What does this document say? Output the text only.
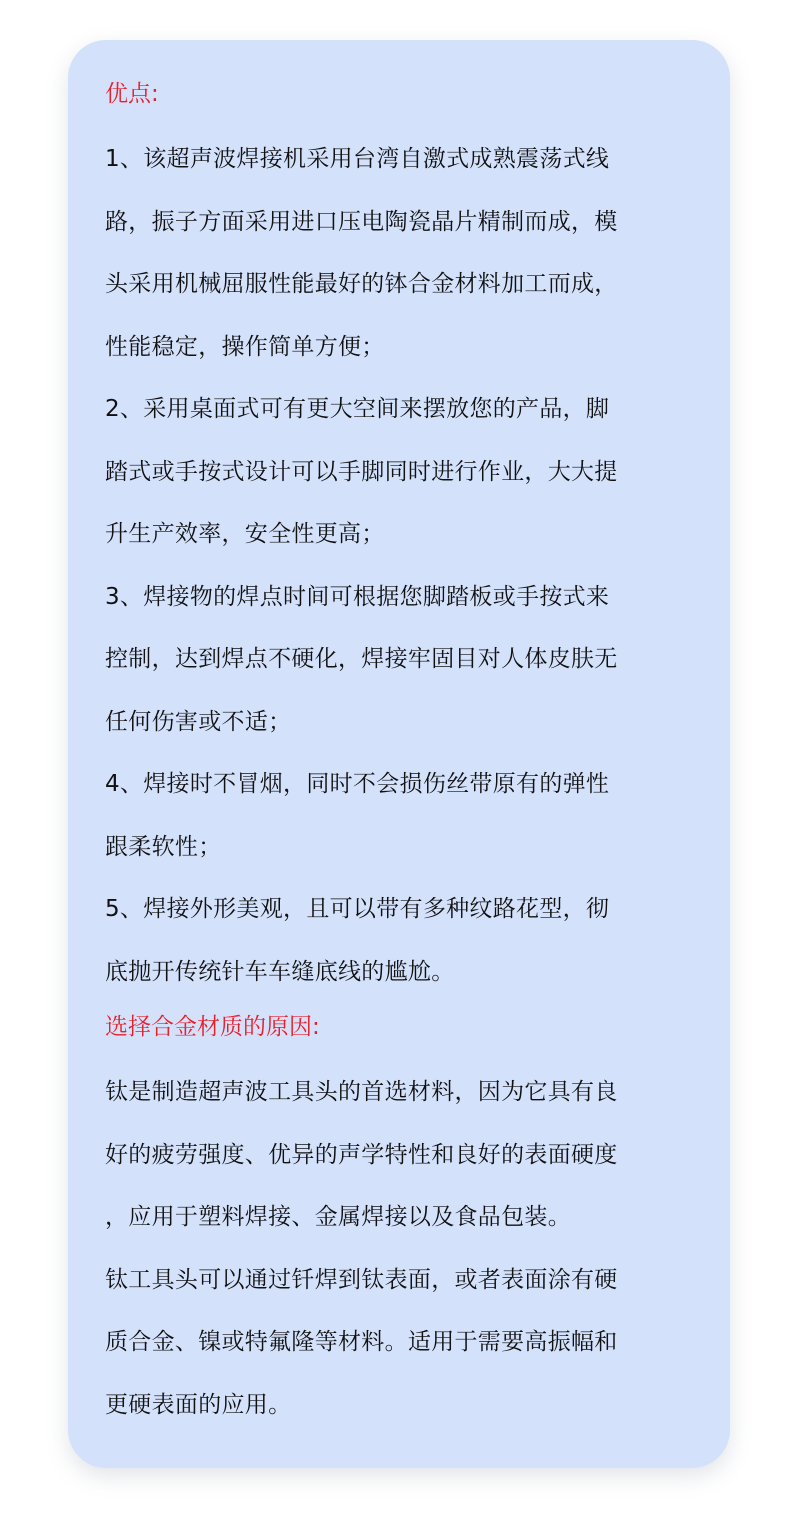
优点:

1、该超声波焊接机采用台湾自激式成熟震荡式线
路，振子方面采用进口压电陶瓷晶片精制而成，模
头采用机械屈服性能最好的钵合金材料加工而成，
性能稳定，操作简单方便；

2、采用桌面式可有更大空间来摆放您的产品，脚
踏式或手按式设计可以手脚同时进行作业，大大提
升生产效率，安全性更高；

3、焊接物的焊点时间可根据您脚踏板或手按式来
控制，达到焊点不硬化，焊接牢固目对人体皮肤无
任何伤害或不适；

4、焊接时不冒烟，同时不会损伤丝带原有的弹性
跟柔软性；

5、焊接外形美观，且可以带有多种纹路花型，彻
底抛开传统针车车缝底线的尴尬。

选择合金材质的原因:

钛是制造超声波工具头的首选材料，因为它具有良
好的疲劳强度、优异的声学特性和良好的表面硬度
，应用于塑料焊接、金属焊接以及食品包装。

钛工具头可以通过钎焊到钛表面，或者表面涂有硬
质合金、镍或特氟隆等材料。适用于需要高振幅和
更硬表面的应用。
